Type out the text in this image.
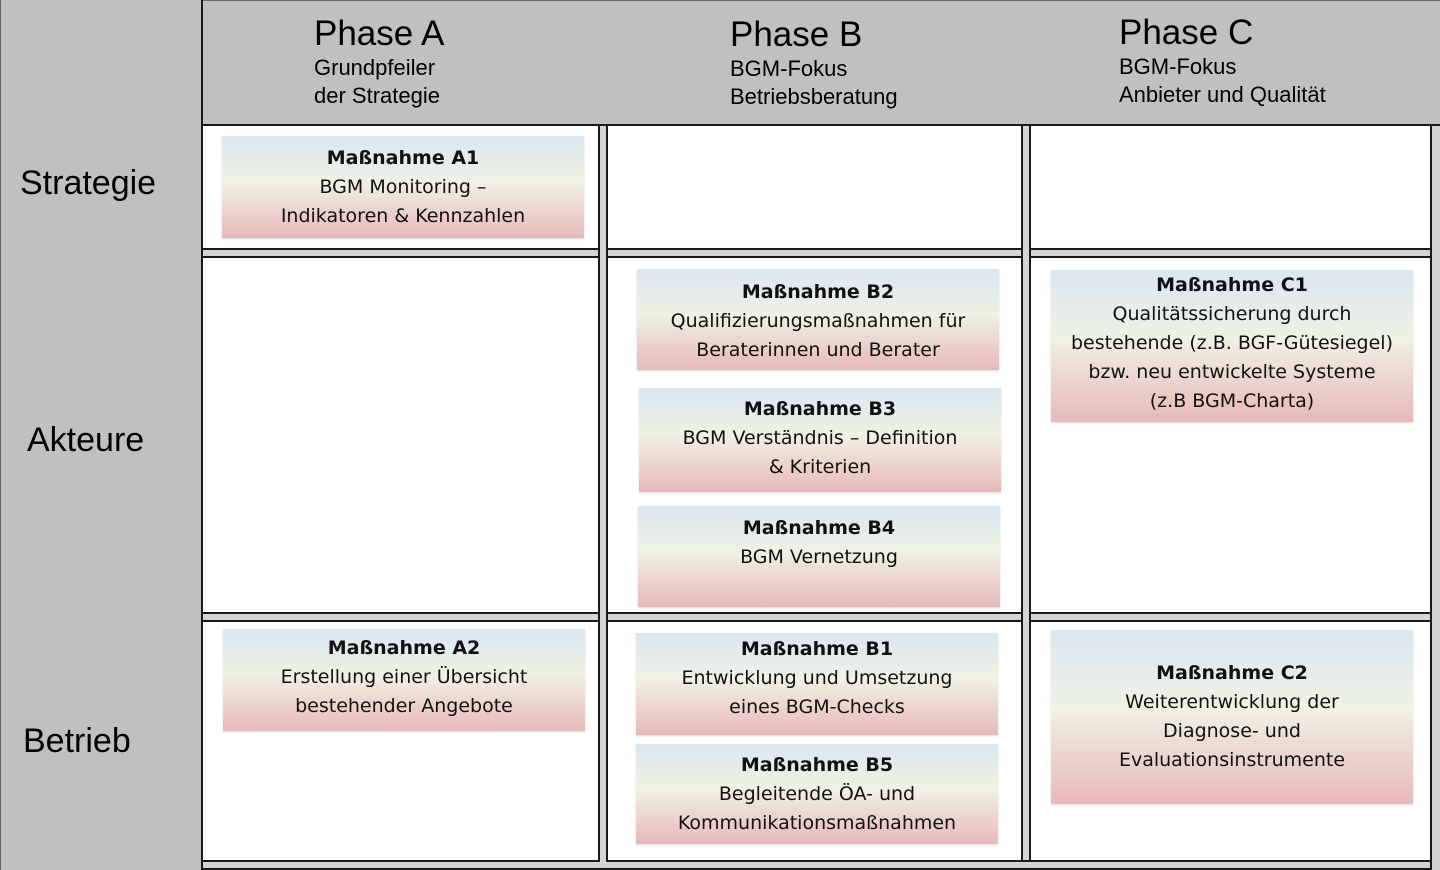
Phase A
Grundpfeiler
der Strategie
Phase B
BGM-Fokus
Betriebsberatung
Phase C
BGM-Fokus
Anbieter und Qualität
Strategie
Akteure
Betrieb
Maßnahme A1
BGM Monitoring –
Indikatoren & Kennzahlen
Maßnahme A2
Erstellung einer Übersicht
bestehender Angebote
Maßnahme B2
Qualifizierungsmaßnahmen für
Beraterinnen und Berater
Maßnahme B3
BGM Verständnis – Definition
& Kriterien
Maßnahme B4
BGM Vernetzung
Maßnahme B1
Entwicklung und Umsetzung
eines BGM-Checks
Maßnahme B5
Begleitende ÖA- und
Kommunikationsmaßnahmen
Maßnahme C1
Qualitätssicherung durch
bestehende (z.B. BGF-Gütesiegel)
bzw. neu entwickelte Systeme
(z.B BGM-Charta)
Maßnahme C2
Weiterentwicklung der
Diagnose- und
Evaluationsinstrumente
